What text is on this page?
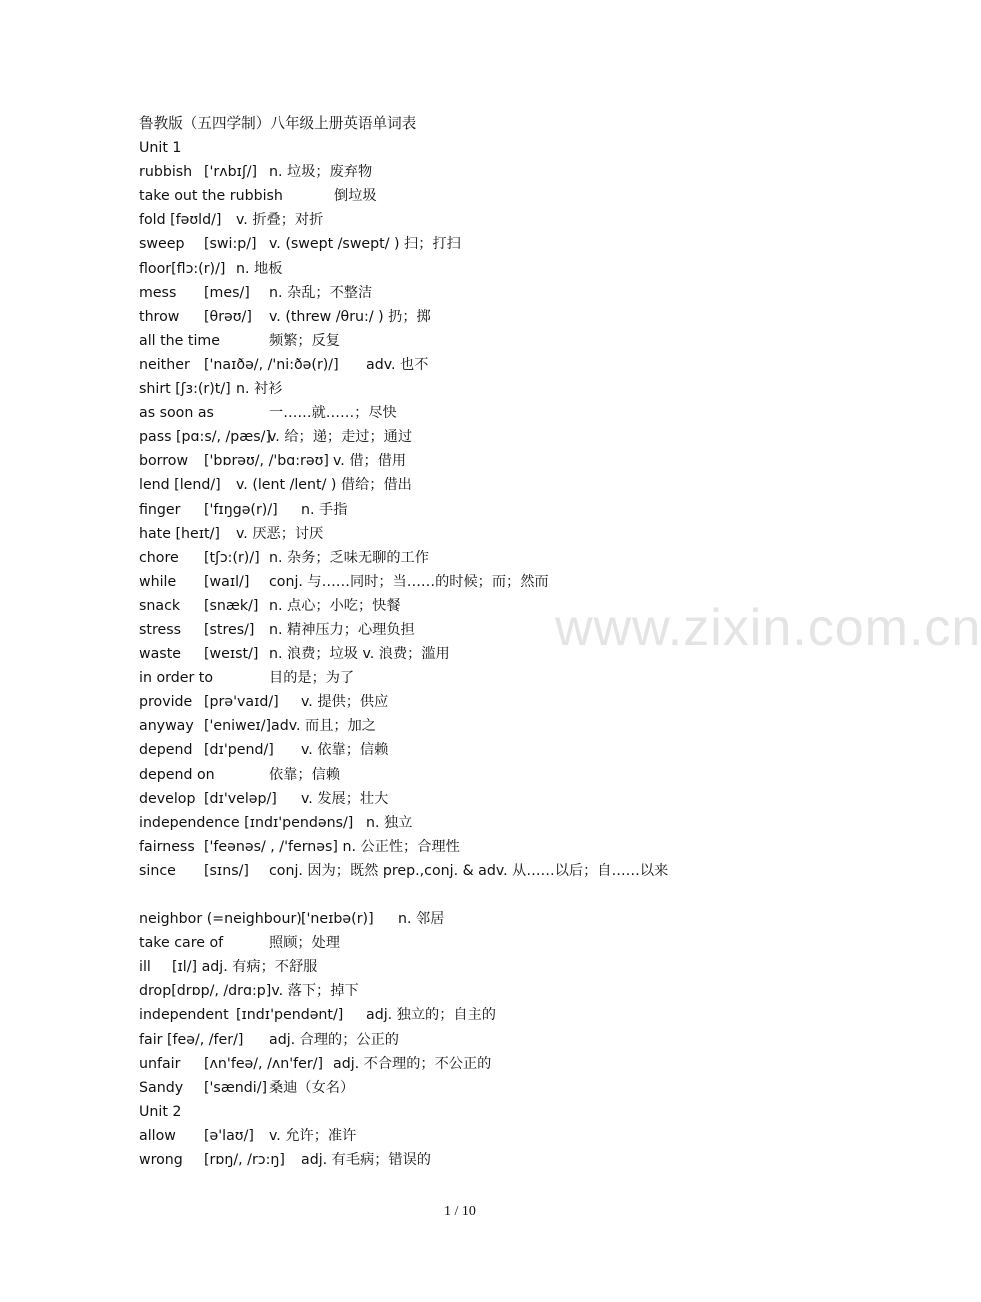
www.zixin.com.cn
鲁教版（五四学制）八年级上册英语单词表
Unit 1
rubbish ['rʌbɪʃ/] n. 垃圾；废弃物
take out the rubbish	倒垃圾
fold [fəʊld/] v. 折叠；对折
sweep [swi:p/] v. (swept /swept/ ) 扫；打扫
floor[flɔ:(r)/] n. 地板
mess [mes/] n. 杂乱；不整洁
throw [θrəʊ/] v. (threw /θru:/ ) 扔；掷
all the time	频繁；反复
neither ['naɪðə/, /'ni:ðə(r)/] adv. 也不
shirt [ʃɜ:(r)t/] n. 衬衫
as soon as	一……就……；尽快
pass [pɑ:s/, /pæs/]v. 给；递；走过；通过
borrow ['bɒrəʊ/, /'bɑ:rəʊ] v. 借；借用
lend [lend/] v. (lent /lent/ ) 借给；借出
finger ['fɪŋgə(r)/] n. 手指
hate [heɪt/] v. 厌恶；讨厌
chore [tʃɔ:(r)/] n. 杂务；乏味无聊的工作
while [waɪl/] conj. 与……同时；当……的时候；而；然而
snack [snæk/] n. 点心；小吃；快餐
stress [stres/] n. 精神压力；心理负担
waste [weɪst/] n. 浪费；垃圾 v. 浪费；滥用
in order to	目的是；为了
provide [prə'vaɪd/] v. 提供；供应
anyway ['eniweɪ/]adv. 而且；加之
depend [dɪ'pend/] v. 依靠；信赖
depend on	依靠；信赖
develop [dɪ'veləp/] v. 发展；壮大
independence [ɪndɪ'pendəns/] n. 独立
fairness ['feənəs/ , /'fernəs] n. 公正性；合理性
since [sɪns/] conj. 因为；既然 prep.,conj. & adv. 从……以后；自……以来
neighbor (=neighbour)['neɪbə(r)] n. 邻居
take care of	照顾；处理
ill [ɪl/] adj. 有病；不舒服
drop[drɒp/, /drɑ:p]v. 落下；掉下
independent [ɪndɪ'pendənt/] adj. 独立的；自主的
fair [feə/, /fer/] adj. 合理的；公正的
unfair [ʌn'feə/, /ʌn'fer/] adj. 不合理的；不公正的
Sandy ['sændi/] 桑迪（女名）
Unit 2
allow [ə'laʊ/] v. 允许；准许
wrong [rɒŋ/, /rɔ:ŋ] adj. 有毛病；错误的
1 / 10
